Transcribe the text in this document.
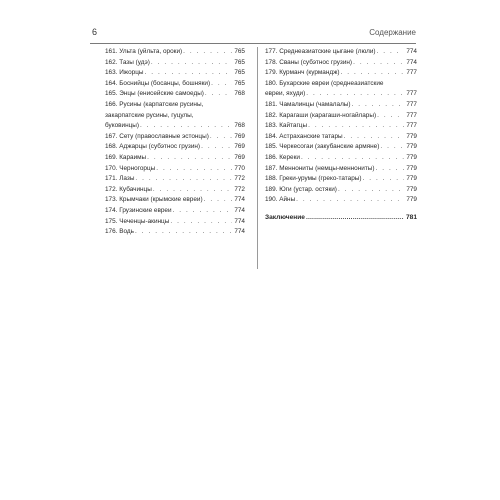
6	Содержание
161. Ульта (уйльта, ороки) . . .	765
162. Тазы (удэ) . . .	765
163. Ижорцы . . .	765
164. Боснийцы (босанцы, бошняки) . . .	765
165. Энцы (енисейские самоеды) . . .	768
166. Русины (карпатские русины,
закарпатские русины, гуцулы,
буковинцы) . . .	768
167. Сету (православные эстонцы) . . .	769
168. Аджарцы (субэтнос грузин) . . .	769
169. Караимы . . .	769
170. Черногорцы . . .	770
171. Лазы . . .	772
172. Кубачинцы . . .	772
173. Крымчаки (крымские евреи) . . .	774
174. Грузинские евреи . . .	774
175. Чеченцы-акинцы . . .	774
176. Водь . . .	774
177. Среднеазиатские цыгане (люли) . . .	774
178. Сваны (субэтнос грузин) . . .	774
179. Курманч (курмандж) . . .	777
180. Бухарские евреи (среднеазиатские
евреи, яхуди) . . .	777
181. Чамалинцы (чамалалы) . . .	777
182. Карагаши (карагаши-ногайлары) . . .	777
183. Кайтагцы . . .	777
184. Астраханские татары . . .	779
185. Черкесогаи (закубанские армяне) . . .	779
186. Кереки . . .	779
187. Меннониты (немцы-меннониты) . . .	779
188. Греки-урумы (греко-татары) . . .	779
189. Юги (устар. остяки) . . .	779
190. Айны . . .	779
Заключение .....	781
